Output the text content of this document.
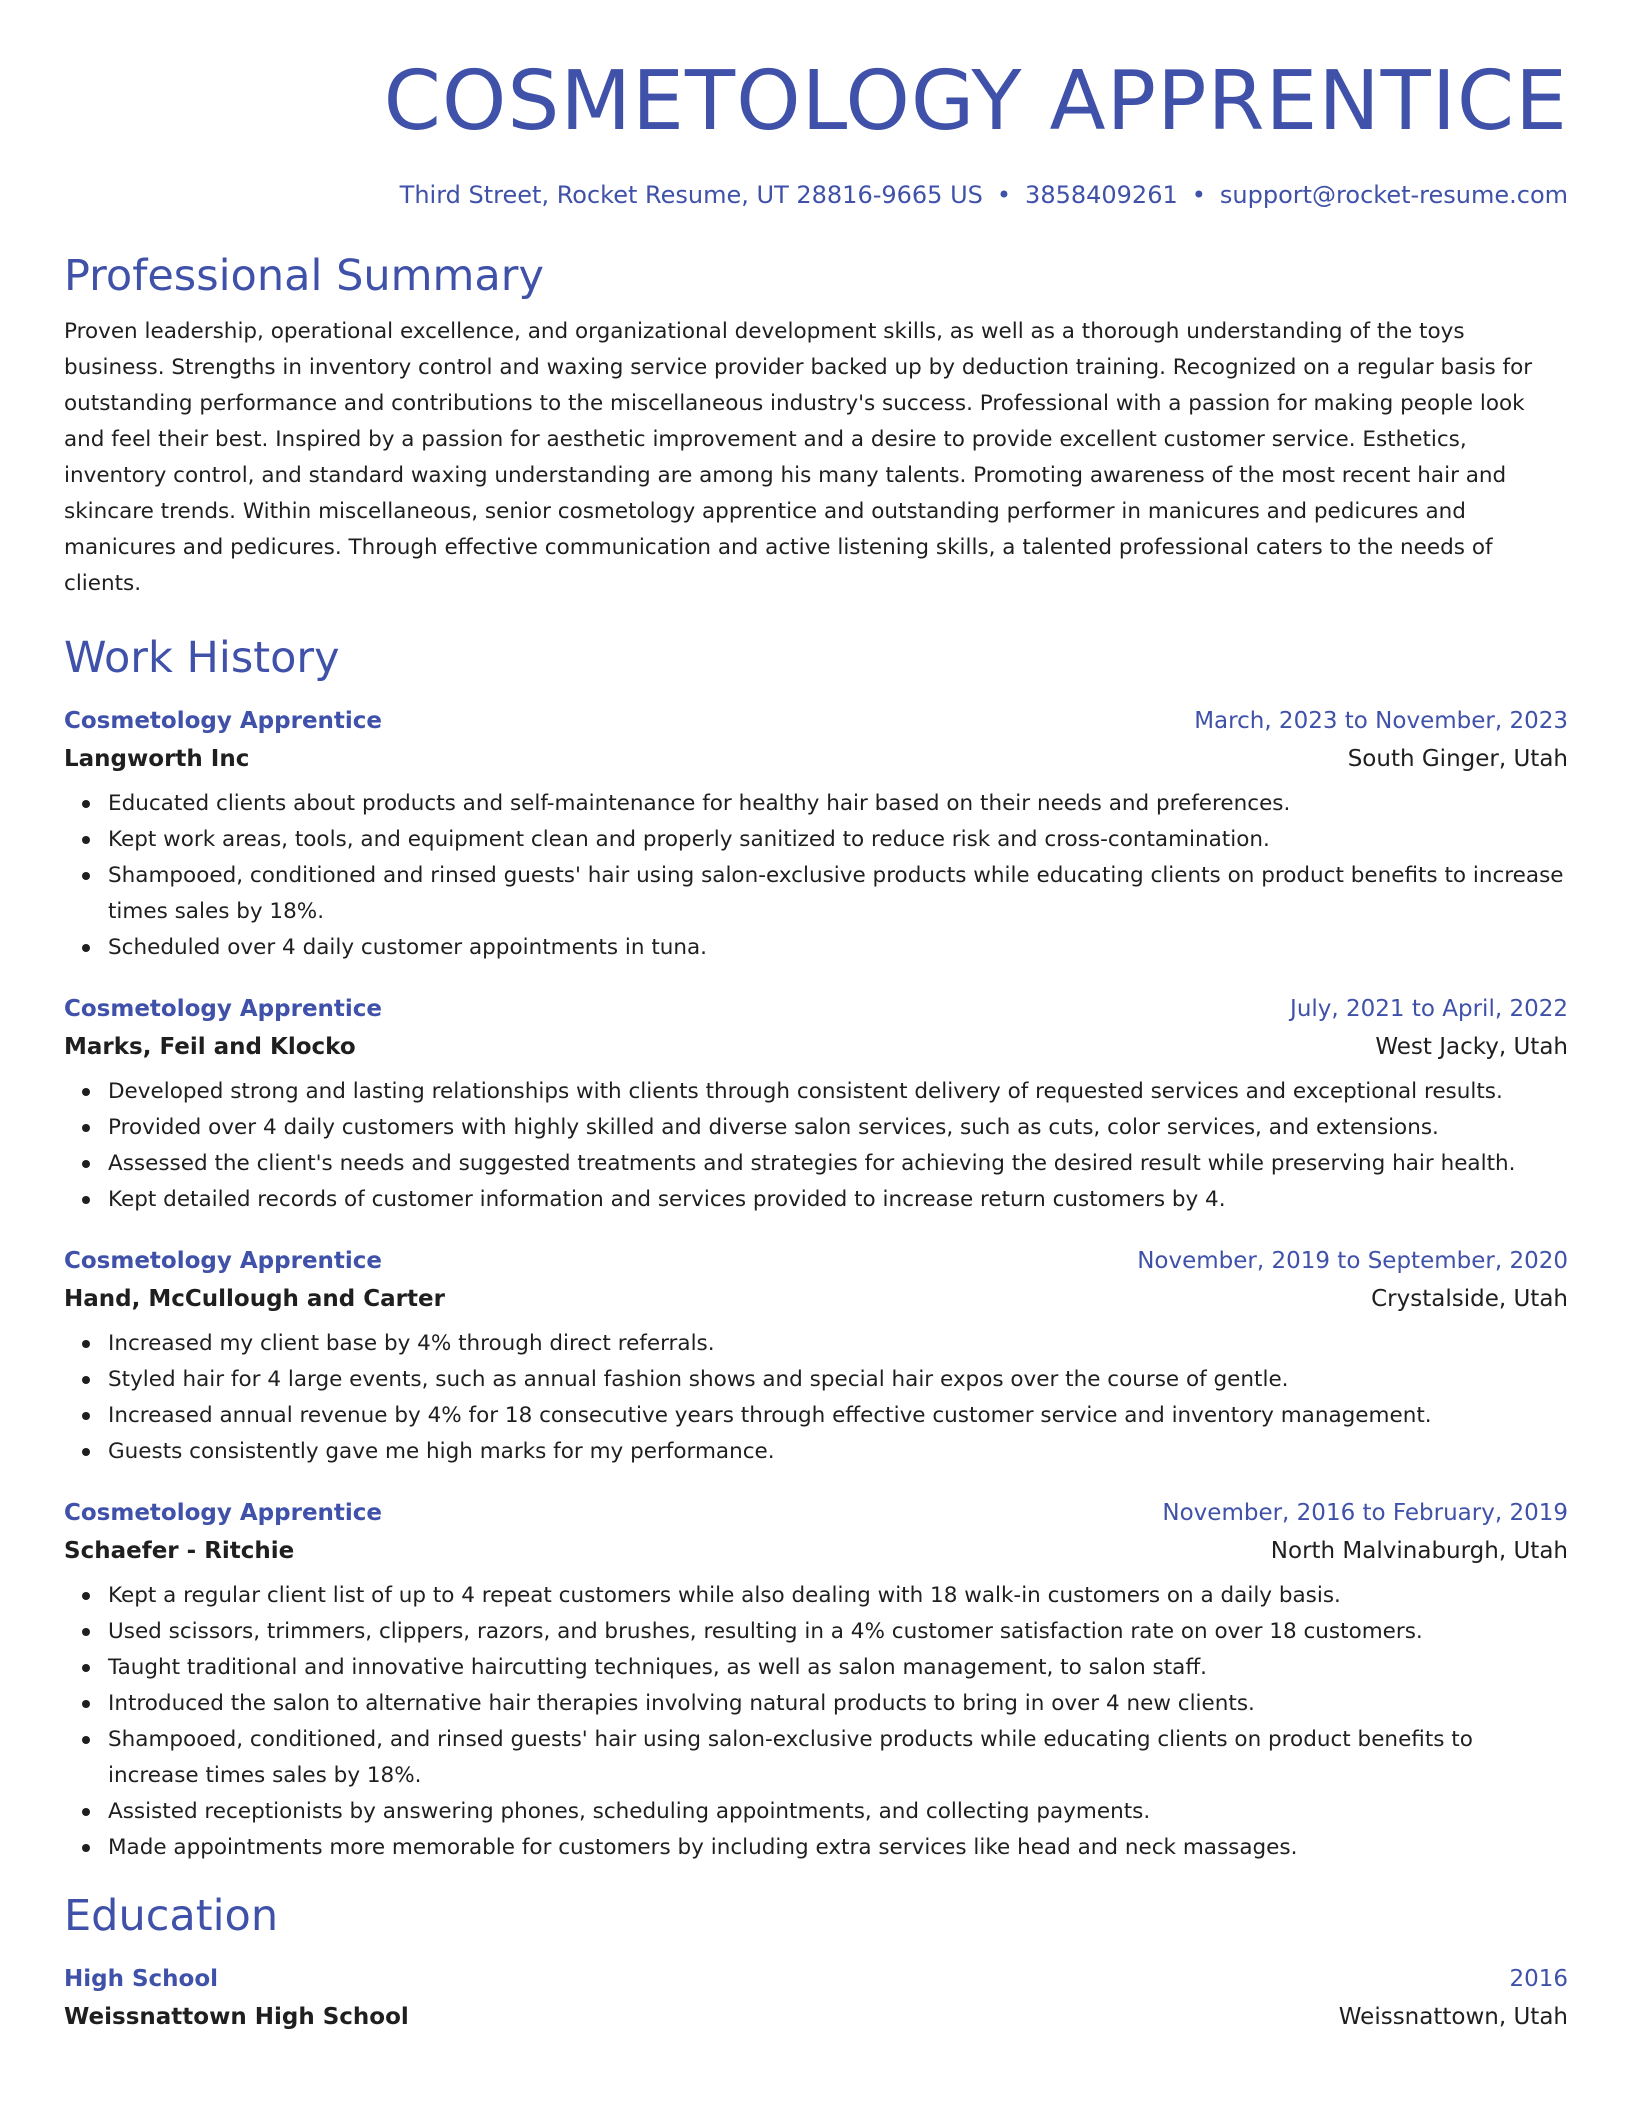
COSMETOLOGY APPRENTICE
Third Street, Rocket Resume, UT 28816-9665 US • 3858409261 • support@rocket-resume.com
Professional Summary

Proven leadership, operational excellence, and organizational development skills, as well as a thorough understanding of the toys business. Strengths in inventory control and waxing service provider backed up by deduction training. Recognized on a regular basis for outstanding performance and contributions to the miscellaneous industry's success. Professional with a passion for making people look and feel their best. Inspired by a passion for aesthetic improvement and a desire to provide excellent customer service. Esthetics, inventory control, and standard waxing understanding are among his many talents. Promoting awareness of the most recent hair and skincare trends. Within miscellaneous, senior cosmetology apprentice and outstanding performer in manicures and pedicures and manicures and pedicures. Through effective communication and active listening skills, a talented professional caters to the needs of clients.

Work History
Cosmetology Apprentice	March, 2023 to November, 2023
Langworth Inc	South Ginger, Utah
Educated clients about products and self-maintenance for healthy hair based on their needs and preferences.
Kept work areas, tools, and equipment clean and properly sanitized to reduce risk and cross-contamination.
Shampooed, conditioned and rinsed guests' hair using salon-exclusive products while educating clients on product benefits to increase times sales by 18%.
Scheduled over 4 daily customer appointments in tuna.
Cosmetology Apprentice	July, 2021 to April, 2022
Marks, Feil and Klocko	West Jacky, Utah
Developed strong and lasting relationships with clients through consistent delivery of requested services and exceptional results.
Provided over 4 daily customers with highly skilled and diverse salon services, such as cuts, color services, and extensions.
Assessed the client's needs and suggested treatments and strategies for achieving the desired result while preserving hair health.
Kept detailed records of customer information and services provided to increase return customers by 4.
Cosmetology Apprentice	November, 2019 to September, 2020
Hand, McCullough and Carter	Crystalside, Utah
Increased my client base by 4% through direct referrals.
Styled hair for 4 large events, such as annual fashion shows and special hair expos over the course of gentle.
Increased annual revenue by 4% for 18 consecutive years through effective customer service and inventory management.
Guests consistently gave me high marks for my performance.
Cosmetology Apprentice	November, 2016 to February, 2019
Schaefer - Ritchie	North Malvinaburgh, Utah
Kept a regular client list of up to 4 repeat customers while also dealing with 18 walk-in customers on a daily basis.
Used scissors, trimmers, clippers, razors, and brushes, resulting in a 4% customer satisfaction rate on over 18 customers.
Taught traditional and innovative haircutting techniques, as well as salon management, to salon staff.
Introduced the salon to alternative hair therapies involving natural products to bring in over 4 new clients.
Shampooed, conditioned, and rinsed guests' hair using salon-exclusive products while educating clients on product benefits to increase times sales by 18%.
Assisted receptionists by answering phones, scheduling appointments, and collecting payments.
Made appointments more memorable for customers by including extra services like head and neck massages.
Education
High School	2016
Weissnattown High School	Weissnattown, Utah
